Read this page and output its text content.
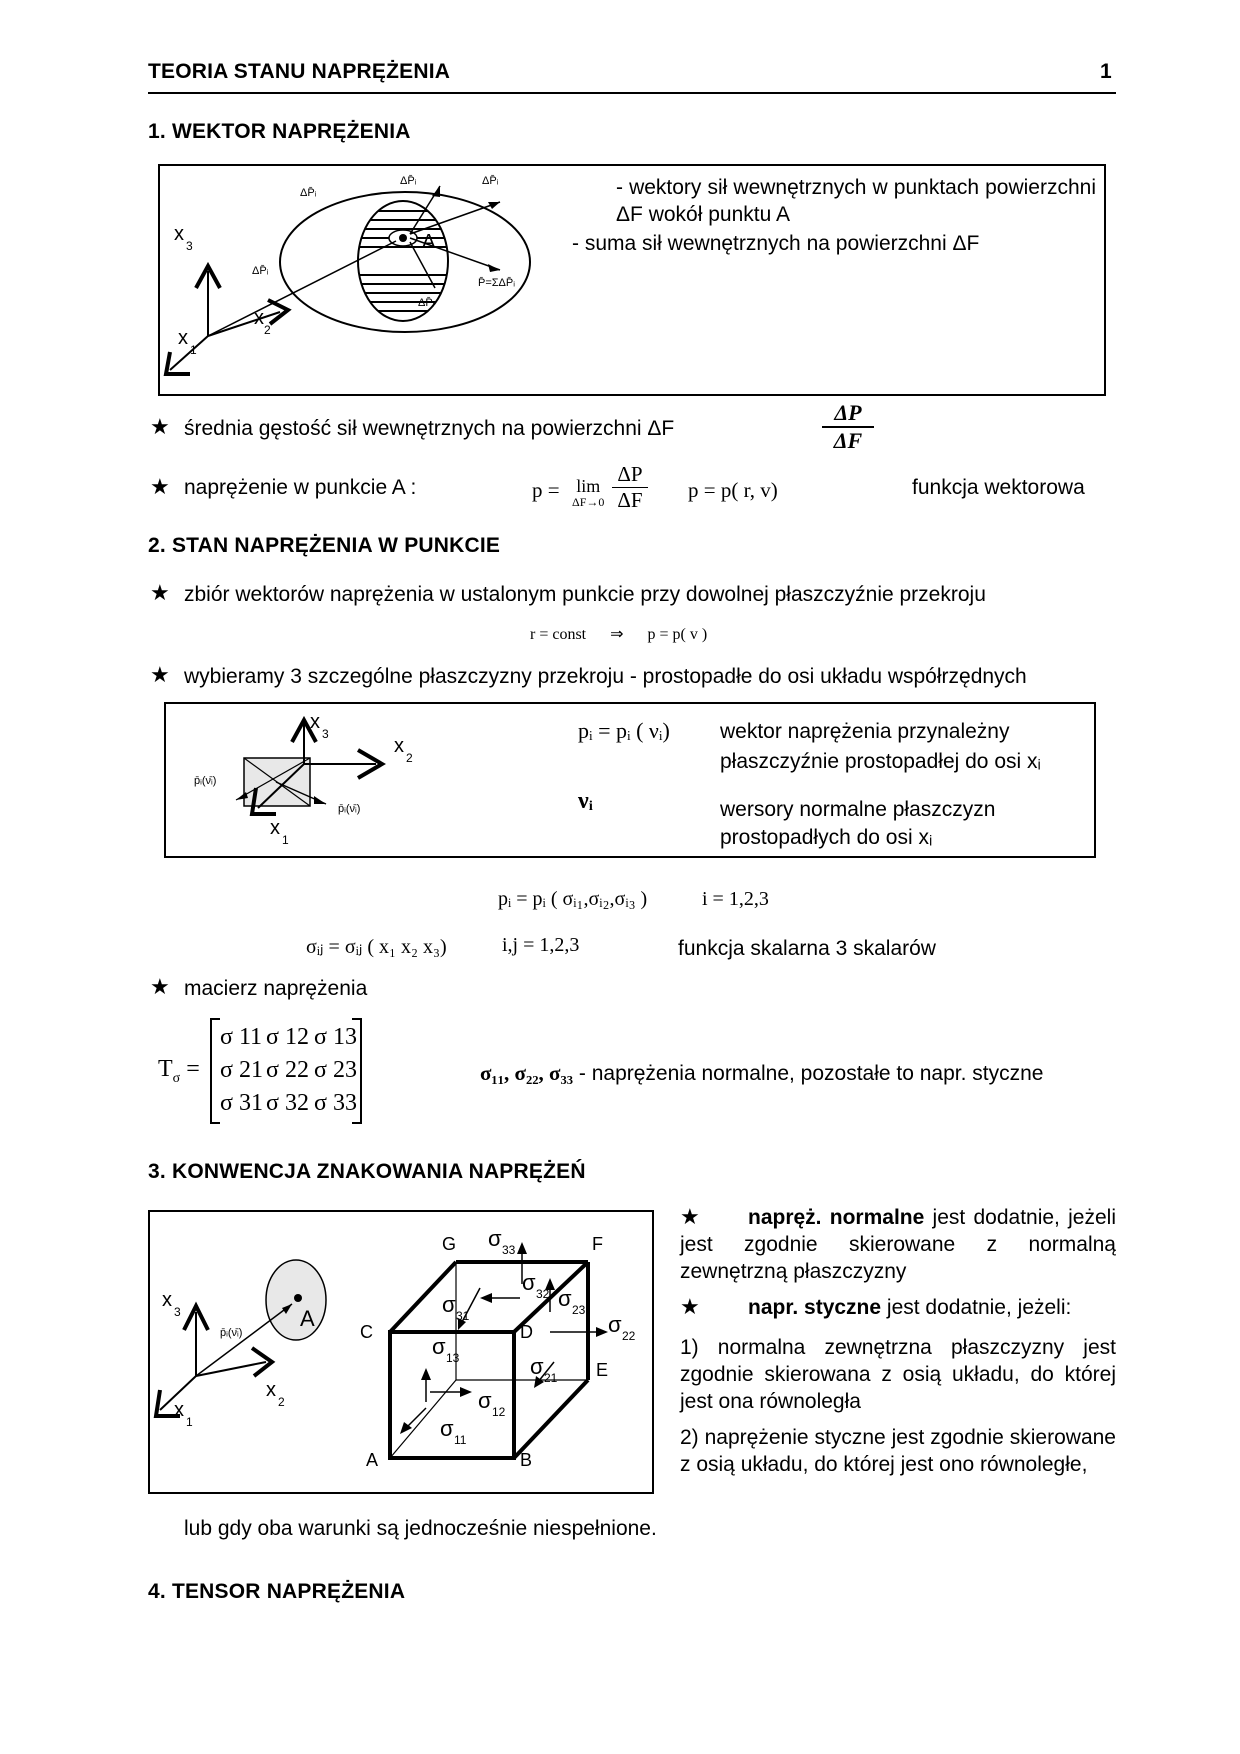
TEORIA STANU NAPRĘŻENIA	1
1. WEKTOR NAPRĘŻENIA
ΔP̄ᵢ	ΔP̄ᵢ
ΔP̄ᵢ
ΔP̄ᵢ
ΔP̄ᵢ
P̄=ΣΔP̄ᵢ
A
x
3
x
1
x
2
- wektory sił wewnętrznych w punktach powierzchni ΔF wokół punktu A
- suma sił wewnętrznych na powierzchni ΔF
★ średnia gęstość sił wewnętrznych na powierzchni ΔF
ΔP
ΔF
★ naprężenie w punkcie A :	p = lim
ΔF→0
ΔP
ΔF p = p( r, v)	funkcja wektorowa
2. STAN NAPRĘŻENIA W PUNKCIE
★ zbiór wektorów naprężenia w ustalonym punkcie przy dowolnej płaszczyźnie przekroju
r = const      ⇒      p = p( v )
★ wybieramy 3 szczególne płaszczyzny przekroju - prostopadłe do osi układu współrzędnych
p̄ᵢ(ν̄ᵢ)
p̄ᵢ(ν̄ᵢ)
x
3
x
2
x
1
pᵢ = pᵢ ( νᵢ)
νᵢ
wektor naprężenia przynależny
płaszczyźnie prostopadłej do osi xᵢ
wersory normalne płaszczyzn
prostopadłych do osi xᵢ
pᵢ = pᵢ ( σᵢ₁,σᵢ₂,σᵢ₃ )	i = 1,2,3
σᵢⱼ = σᵢⱼ ( x₁ x₂ x₃)	i,j = 1,2,3	funkcja skalarna 3 skalarów
★ macierz naprężenia
$T_\sigma$ =
σ 11 σ 12 σ 13
σ 21 σ 22 σ 23
σ 31 σ 32 σ 33
σ₁₁, σ₂₂, σ₃₃ - naprężenia normalne, pozostałe to napr. styczne
3. KONWENCJA ZNAKOWANIA NAPRĘŻEŃ
A
p̄ᵢ(ν̄ᵢ)
x
3
x
1
x
2
σ 33
σ 32 σ 23
σ 31	σ 22
σ 13	σ 21
σ 12
σ 11
G	F
C	D
E
A	B
★	napręż. normalne jest dodatnie, jeżeli jest zgodnie skierowane z normalną zewnętrzną płaszczyzny
★ napr. styczne jest dodatnie, jeżeli:
1) normalna zewnętrzna płaszczyzny jest zgodnie skierowana z osią układu, do której jest ona równoległa
2) naprężenie styczne jest zgodnie skierowane z osią układu, do której jest ono równoległe,
lub gdy oba warunki są jednocześnie niespełnione.
4. TENSOR NAPRĘŻENIA
